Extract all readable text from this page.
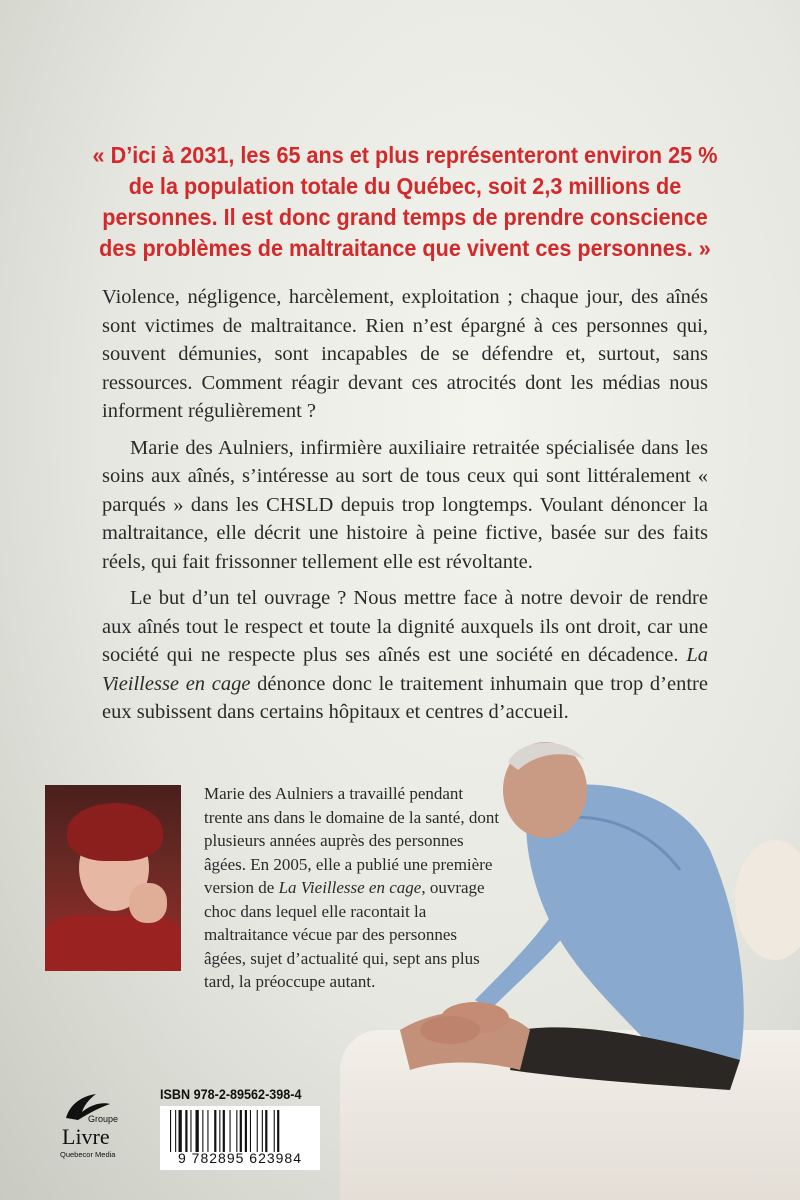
« D’ici à 2031, les 65 ans et plus représenteront environ 25 % de la population totale du Québec, soit 2,3 millions de personnes. Il est donc grand temps de prendre conscience des problèmes de maltraitance que vivent ces personnes. »

Violence, négligence, harcèlement, exploitation ; chaque jour, des aînés sont victimes de maltraitance. Rien n’est épargné à ces personnes qui, souvent démunies, sont incapables de se défendre et, surtout, sans ressources. Comment réagir devant ces atrocités dont les médias nous informent régulièrement ?

Marie des Aulniers, infirmière auxiliaire retraitée spécialisée dans les soins aux aînés, s’intéresse au sort de tous ceux qui sont littéralement « parqués » dans les CHSLD depuis trop longtemps. Voulant dénoncer la maltraitance, elle décrit une histoire à peine fictive, basée sur des faits réels, qui fait frissonner tellement elle est révoltante.

Le but d’un tel ouvrage ? Nous mettre face à notre devoir de rendre aux aînés tout le respect et toute la dignité auxquels ils ont droit, car une société qui ne respecte plus ses aînés est une société en décadence. La Vieillesse en cage dénonce donc le traitement inhumain que trop d’entre eux subissent dans certains hôpitaux et centres d’accueil.

Marie des Aulniers a travaillé pendant trente ans dans le domaine de la santé, dont plusieurs années auprès des personnes âgées. En 2005, elle a publié une première version de La Vieillesse en cage, ouvrage choc dans lequel elle racontait la maltraitance vécue par des personnes âgées, sujet d’actualité qui, sept ans plus tard, la préoccupe autant.

Groupe
Livre
Quebecor Media

ISBN 978-2-89562-398-4

9 782895 623984
